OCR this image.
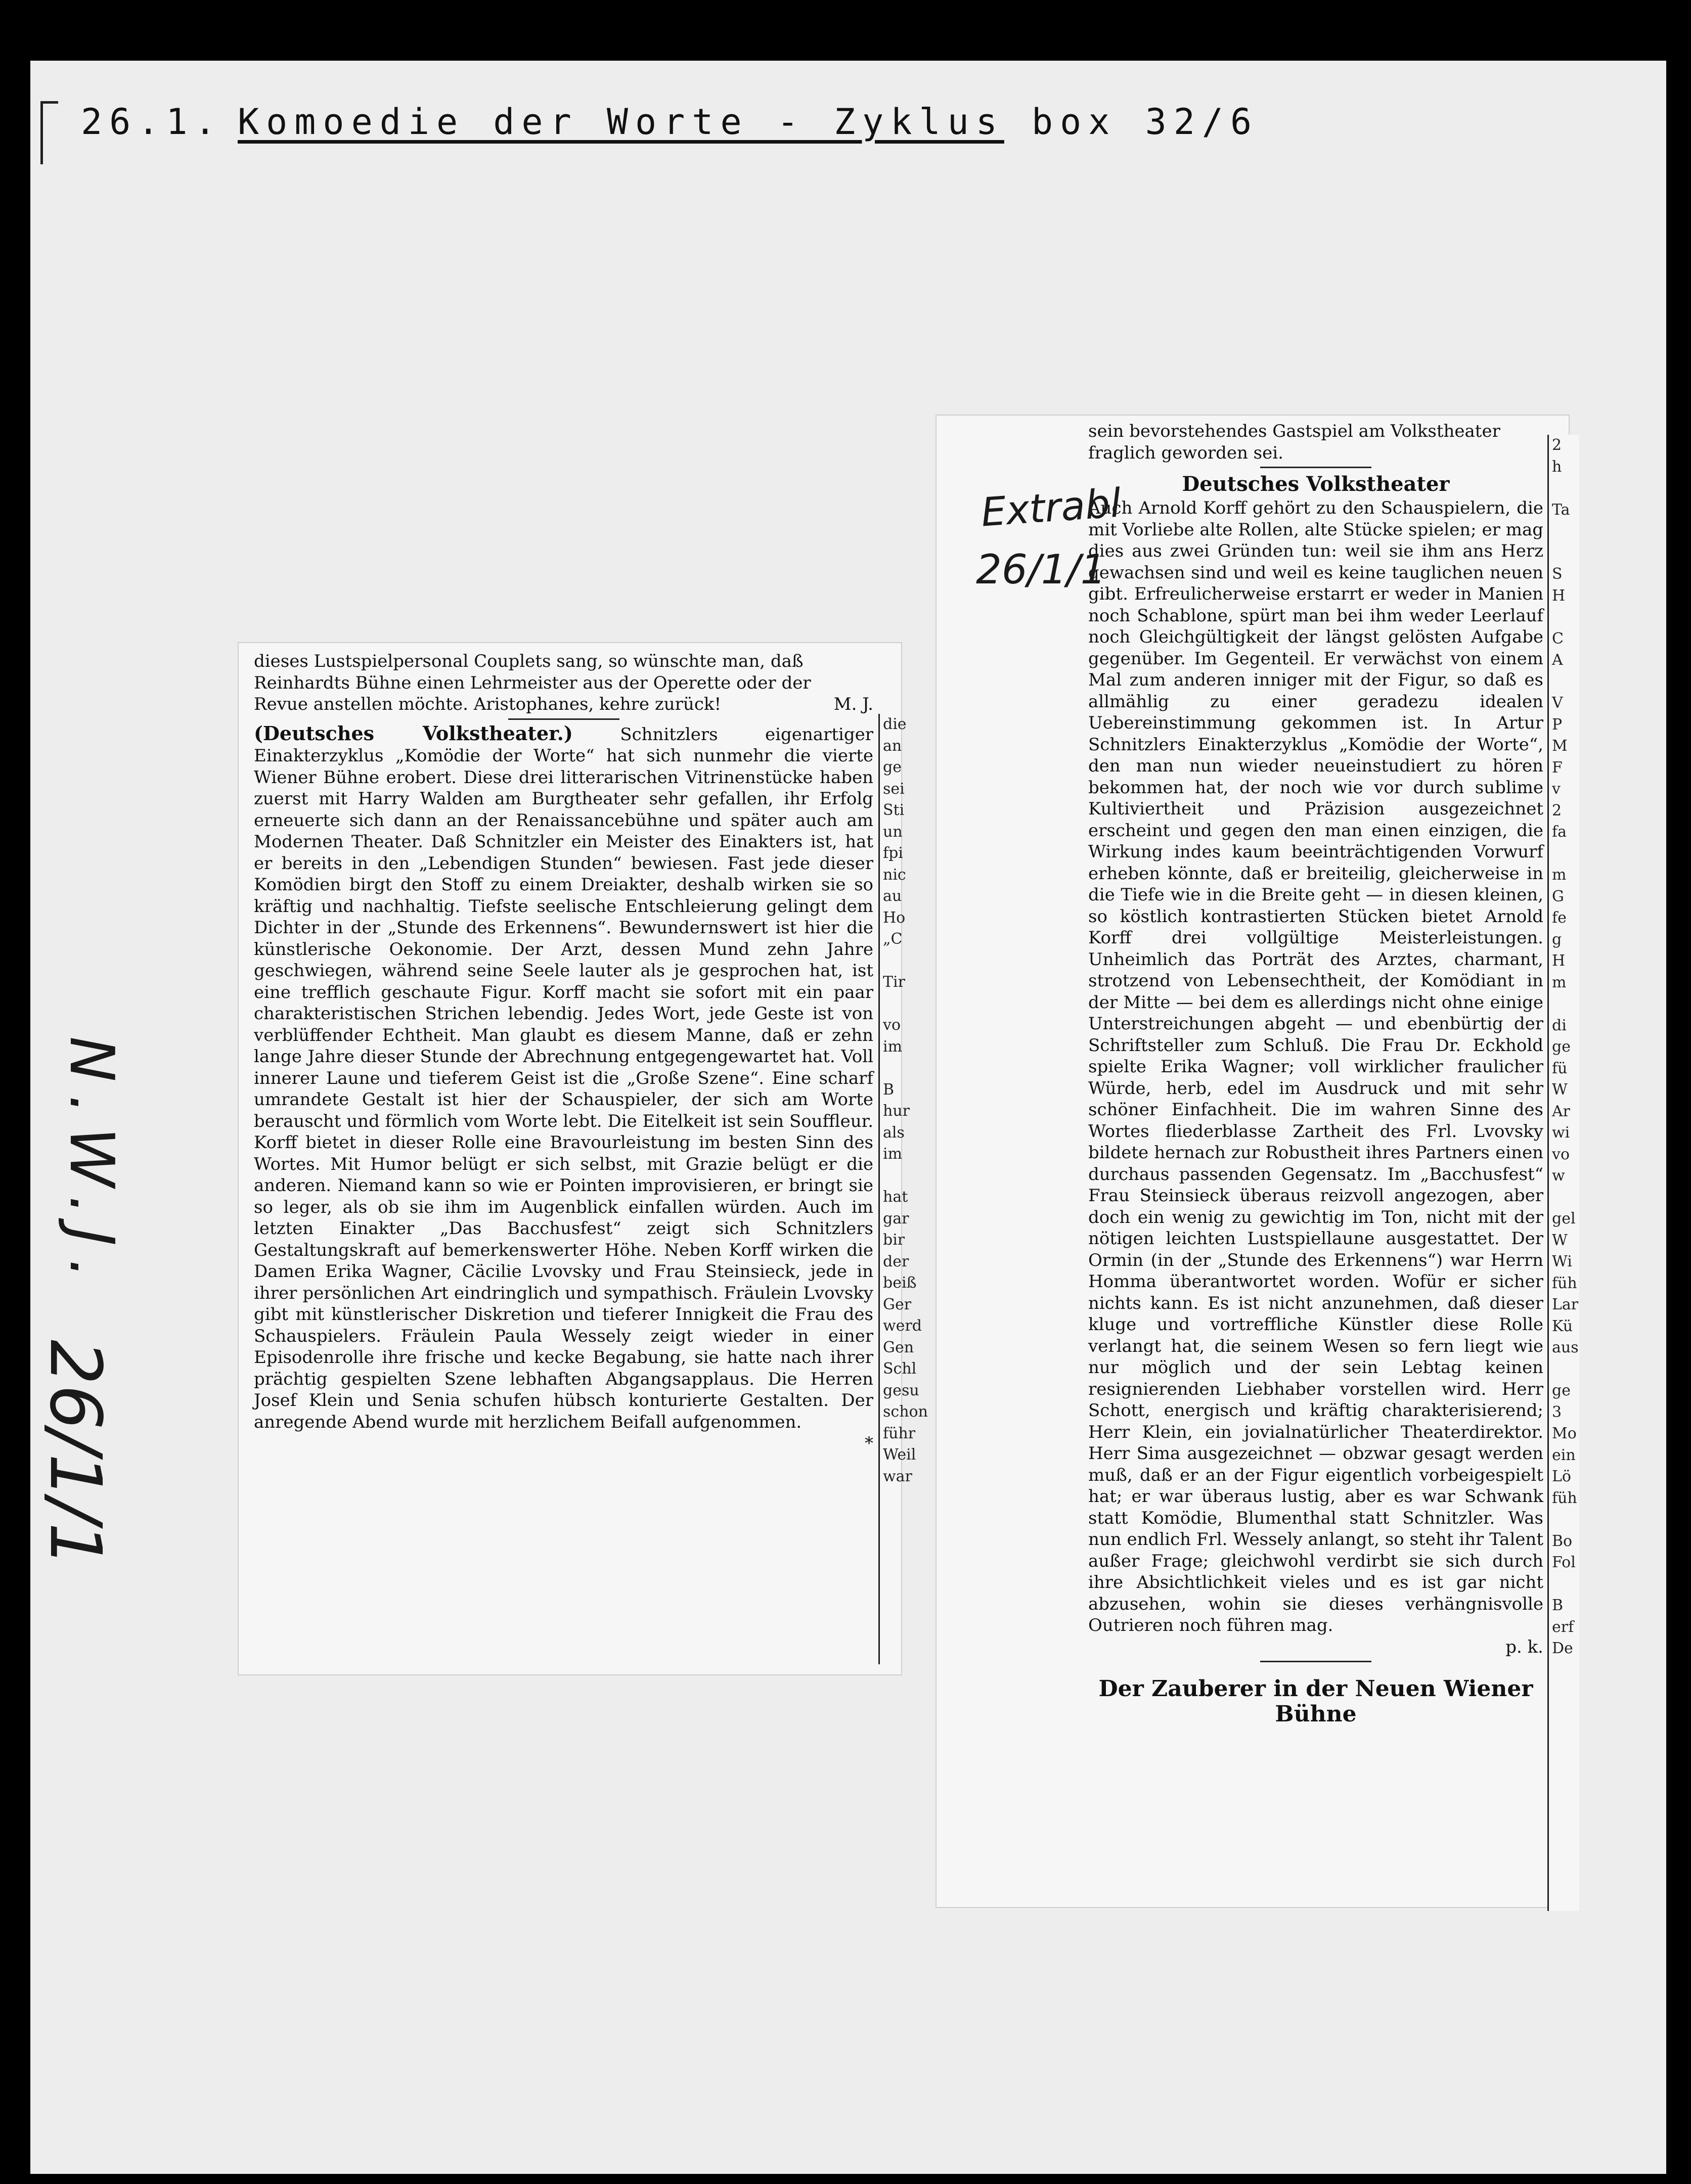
26.1. Komoedie der Worte - Zyklus box 32/6
dieses Lustspielpersonal Couplets sang, so wünschte man, daß
Reinhardts Bühne einen Lehrmeister aus der Operette oder der
Revue anstellen möchte. Aristophanes, kehre zurück!	M. J.

(Deutsches Volkstheater.)	Schnitzlers eigenartiger Einakterzyklus „Komödie der Worte“ hat sich nunmehr die vierte Wiener Bühne erobert. Diese drei litterarischen Vitrinenstücke haben zuerst mit Harry Walden am Burgtheater sehr gefallen, ihr Erfolg erneuerte sich dann an der Renaissancebühne und später auch am Modernen Theater. Daß Schnitzler ein Meister des Einakters ist, hat er bereits in den „Lebendigen Stunden“ bewiesen. Fast jede dieser Komödien birgt den Stoff zu einem Dreiakter, deshalb wirken sie so kräftig und nachhaltig. Tiefste seelische Entschleierung gelingt dem Dichter in der „Stunde des Erkennens“. Bewundernswert ist hier die künstlerische Oekonomie. Der Arzt, dessen Mund zehn Jahre geschwiegen, während seine Seele lauter als je gesprochen hat, ist eine trefflich geschaute Figur. Korff macht sie sofort mit ein paar charakteristischen Strichen lebendig. Jedes Wort, jede Geste ist von verblüffender Echtheit. Man glaubt es diesem Manne, daß er zehn lange Jahre dieser Stunde der Abrechnung entgegengewartet hat. Voll innerer Laune und tieferem Geist ist die „Große Szene“. Eine scharf umrandete Gestalt ist hier der Schauspieler, der sich am Worte berauscht und förmlich vom Worte lebt. Die Eitelkeit ist sein Souffleur. Korff bietet in dieser Rolle eine Bravourleistung im besten Sinn des Wortes. Mit Humor belügt er sich selbst, mit Grazie belügt er die anderen. Niemand kann so wie er Pointen improvisieren, er bringt sie so leger, als ob sie ihm im Augenblick einfallen würden. Auch im letzten Einakter „Das Bacchusfest“ zeigt sich Schnitzlers Gestaltungskraft auf bemerkenswerter Höhe. Neben Korff wirken die Damen Erika Wagner, Cäcilie Lvovsky und Frau Steinsieck, jede in ihrer persönlichen Art eindringlich und sympathisch. Fräulein Lvovsky gibt mit künstlerischer Diskretion und tieferer Innigkeit die Frau des Schauspielers. Fräulein Paula Wessely zeigt wieder in einer Episodenrolle ihre frische und kecke Begabung, sie hatte nach ihrer prächtig gespielten Szene lebhaften Abgangsapplaus. Die Herren Josef Klein und Senia schufen hübsch konturierte Gestalten. Der anregende Abend wurde mit herzlichem Beifall aufgenommen.

*
die
an
ge
sei
Sti
un
fpi
nic
au
Ho
„C

Tir

vo
im

B
hur
als
im

hat
gar
bir
der
beiß
Ger
werd
Gen
Schl
gesu
schon
führ
Weil
war
sein bevorstehendes Gastspiel am Volkstheater
fraglich geworden sei.
Deutsches Volkstheater

Auch Arnold Korff gehört zu den Schauspielern, die mit Vorliebe alte Rollen, alte Stücke spielen; er mag dies aus zwei Gründen tun: weil sie ihm ans Herz gewachsen sind und weil es keine tauglichen neuen gibt. Erfreulicherweise erstarrt er weder in Manien noch Schablone, spürt man bei ihm weder Leerlauf noch Gleichgültigkeit der längst gelösten Aufgabe gegenüber. Im Gegenteil. Er verwächst von einem Mal zum anderen inniger mit der Figur, so daß es allmählig zu einer geradezu idealen Uebereinstimmung gekommen ist. In Artur Schnitzlers Einakterzyklus „Komödie der Worte“, den man nun wieder neueinstudiert zu hören bekommen hat, der noch wie vor durch sublime Kultiviertheit und Präzision ausgezeichnet erscheint und gegen den man einen einzigen, die Wirkung indes kaum beeinträchtigenden Vorwurf erheben könnte, daß er breiteilig, gleicherweise in die Tiefe wie in die Breite geht — in diesen kleinen, so köstlich kontrastierten Stücken bietet Arnold Korff drei vollgültige Meisterleistungen. Unheimlich das Porträt des Arztes, charmant, strotzend von Lebensechtheit, der Komödiant in der Mitte — bei dem es allerdings nicht ohne einige Unterstreichungen abgeht — und ebenbürtig der Schriftsteller zum Schluß. Die Frau Dr. Eckhold spielte Erika Wagner; voll wirklicher fraulicher Würde, herb, edel im Ausdruck und mit sehr schöner Einfachheit. Die im wahren Sinne des Wortes fliederblasse Zartheit des Frl. Lvovsky bildete hernach zur Robustheit ihres Partners einen durchaus passenden Gegensatz. Im „Bacchusfest“ Frau Steinsieck überaus reizvoll angezogen, aber doch ein wenig zu gewichtig im Ton, nicht mit der nötigen leichten Lustspiellaune ausgestattet. Der Ormin (in der „Stunde des Erkennens“) war Herrn Homma überantwortet worden. Wofür er sicher nichts kann. Es ist nicht anzunehmen, daß dieser kluge und vortreffliche Künstler diese Rolle verlangt hat, die seinem Wesen so fern liegt wie nur möglich und der sein Lebtag keinen resignierenden Liebhaber vorstellen wird. Herr Schott, energisch und kräftig charakterisierend; Herr Klein, ein jovialnatürlicher Theaterdirektor. Herr Sima ausgezeichnet — obzwar gesagt werden muß, daß er an der Figur eigentlich vorbeigespielt hat; er war überaus lustig, aber es war Schwank statt Komödie, Blumenthal statt Schnitzler. Was nun endlich Frl. Wessely anlangt, so steht ihr Talent außer Frage; gleichwohl verdirbt sie sich durch ihre Absichtlichkeit vieles und es ist gar nicht abzusehen, wohin sie dieses verhängnisvolle Outrieren noch führen mag.

p. k.
Der Zauberer in der Neuen Wiener
Bühne
2
h

Ta

S
H

C
A

V
P
M
F
v
2
fa

m
G
fe
g
H
m

di
ge
fü
W
Ar
wi
vo
w

gel
W
Wi
füh
Lar
Kü
aus

ge
3
Mo
ein
Lö
füh

Bo
Fol

B
erf
De
Extrabl
26/1/1
N.W.J.
26/1/1
